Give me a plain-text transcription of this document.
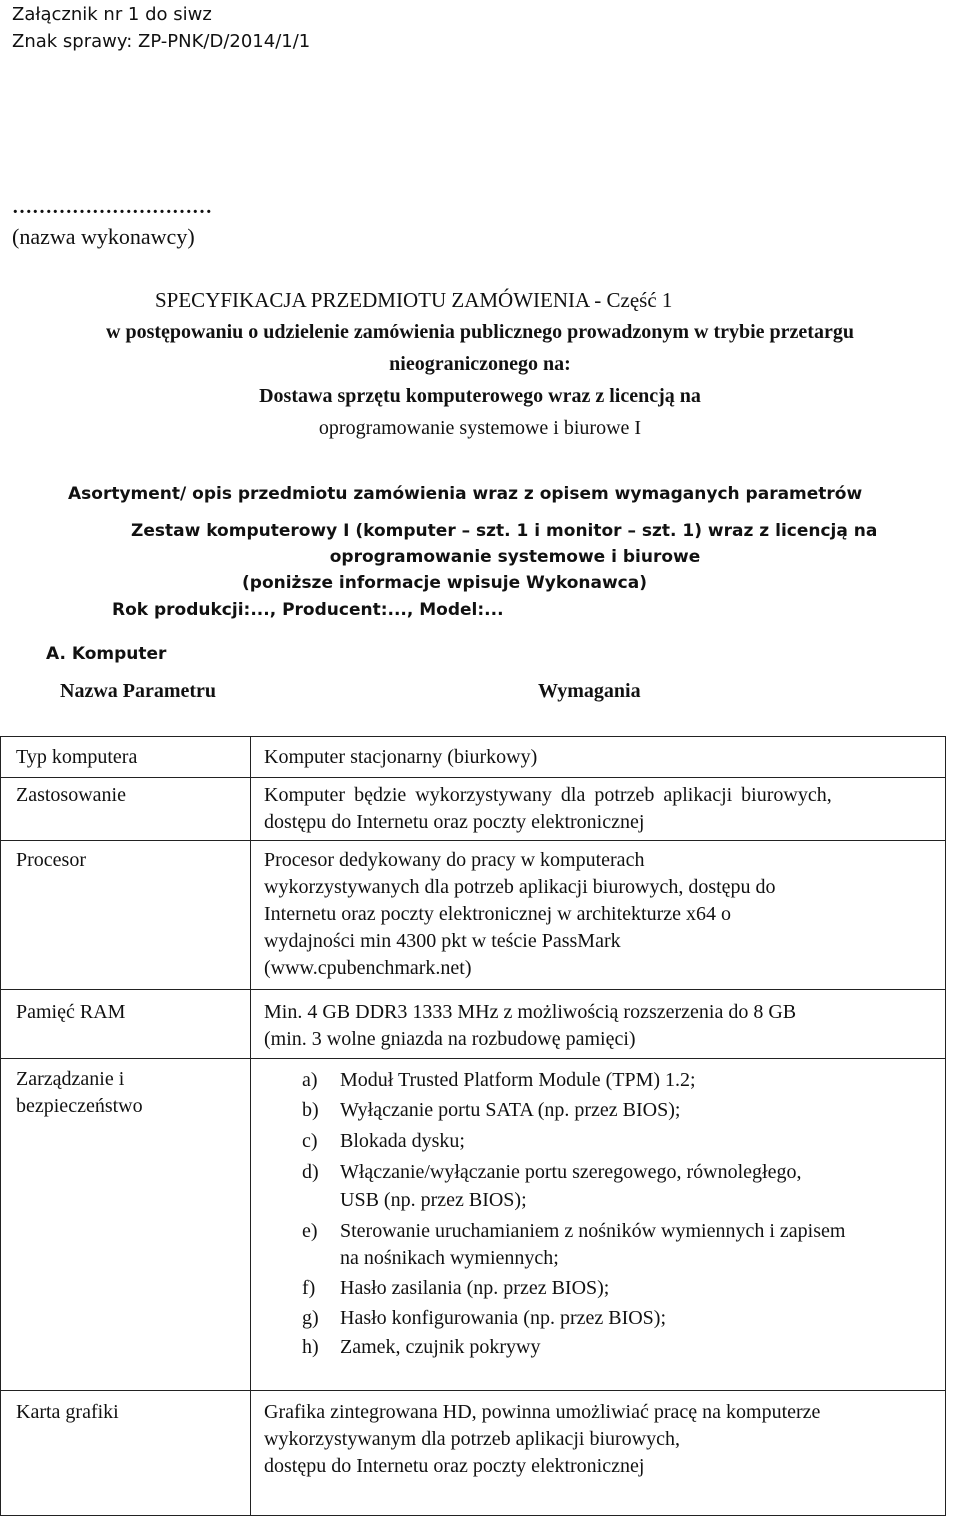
Załącznik nr 1 do siwz
Znak sprawy: ZP-PNK/D/2014/1/1
…………………………
(nazwa wykonawcy)
SPECYFIKACJA PRZEDMIOTU ZAMÓWIENIA - Część 1
w postępowaniu o udzielenie zamówienia publicznego prowadzonym w trybie przetargu
nieograniczonego na:
Dostawa sprzętu komputerowego wraz z licencją na
oprogramowanie systemowe i biurowe I
Asortyment/ opis przedmiotu zamówienia wraz z opisem wymaganych parametrów
Zestaw komputerowy I (komputer – szt. 1 i monitor – szt. 1) wraz z licencją na
oprogramowanie systemowe i biurowe
(poniższe informacje wpisuje Wykonawca)
Rok produkcji:..., Producent:..., Model:...
A. Komputer
Nazwa Parametru	Wymagania
Typ komputera	Komputer stacjonarny (biurkowy)
Zastosowanie	Komputer będzie wykorzystywany dla potrzeb aplikacji biurowych,
dostępu do Internetu oraz poczty elektronicznej
Procesor	Procesor dedykowany do pracy w komputerach
wykorzystywanych dla potrzeb aplikacji biurowych, dostępu do
Internetu oraz poczty elektronicznej w architekturze x64 o
wydajności min 4300 pkt w teście PassMark
(www.cpubenchmark.net)
Pamięć RAM	Min. 4 GB DDR3 1333 MHz z możliwością rozszerzenia do 8 GB
(min. 3 wolne gniazda na rozbudowę pamięci)
Zarządzanie i
bezpieczeństwo
a)	Moduł Trusted Platform Module (TPM) 1.2;
b)	Wyłączanie portu SATA (np. przez BIOS);
c)	Blokada dysku;
d)	Włączanie/wyłączanie portu szeregowego, równoległego,
USB (np. przez BIOS);
e)	Sterowanie uruchamianiem z nośników wymiennych i zapisem
na nośnikach wymiennych;
f)	Hasło zasilania (np. przez BIOS);
g)	Hasło konfigurowania (np. przez BIOS);
h)	Zamek, czujnik pokrywy
Karta grafiki	Grafika zintegrowana HD, powinna umożliwiać pracę na komputerze
wykorzystywanym dla potrzeb aplikacji biurowych,
dostępu do Internetu oraz poczty elektronicznej
